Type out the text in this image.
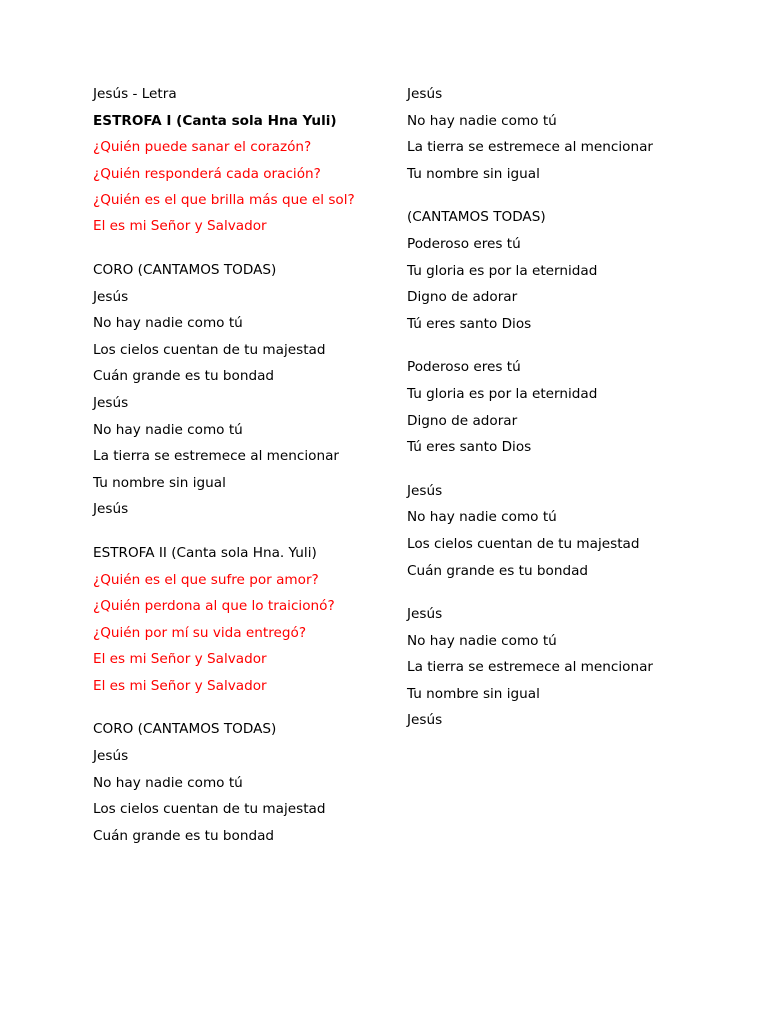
Jesús - Letra
ESTROFA I (Canta sola Hna Yuli)
¿Quién puede sanar el corazón?
¿Quién responderá cada oración?
¿Quién es el que brilla más que el sol?
El es mi Señor y Salvador
CORO (CANTAMOS TODAS)
Jesús
No hay nadie como tú
Los cielos cuentan de tu majestad
Cuán grande es tu bondad
Jesús
No hay nadie como tú
La tierra se estremece al mencionar
Tu nombre sin igual
Jesús
ESTROFA II (Canta sola Hna. Yuli)
¿Quién es el que sufre por amor?
¿Quién perdona al que lo traicionó?
¿Quién por mí su vida entregó?
El es mi Señor y Salvador
El es mi Señor y Salvador
CORO (CANTAMOS TODAS)
Jesús
No hay nadie como tú
Los cielos cuentan de tu majestad
Cuán grande es tu bondad
Jesús
No hay nadie como tú
La tierra se estremece al mencionar
Tu nombre sin igual
(CANTAMOS TODAS)
Poderoso eres tú
Tu gloria es por la eternidad
Digno de adorar
Tú eres santo Dios
Poderoso eres tú
Tu gloria es por la eternidad
Digno de adorar
Tú eres santo Dios
Jesús
No hay nadie como tú
Los cielos cuentan de tu majestad
Cuán grande es tu bondad
Jesús
No hay nadie como tú
La tierra se estremece al mencionar
Tu nombre sin igual
Jesús
